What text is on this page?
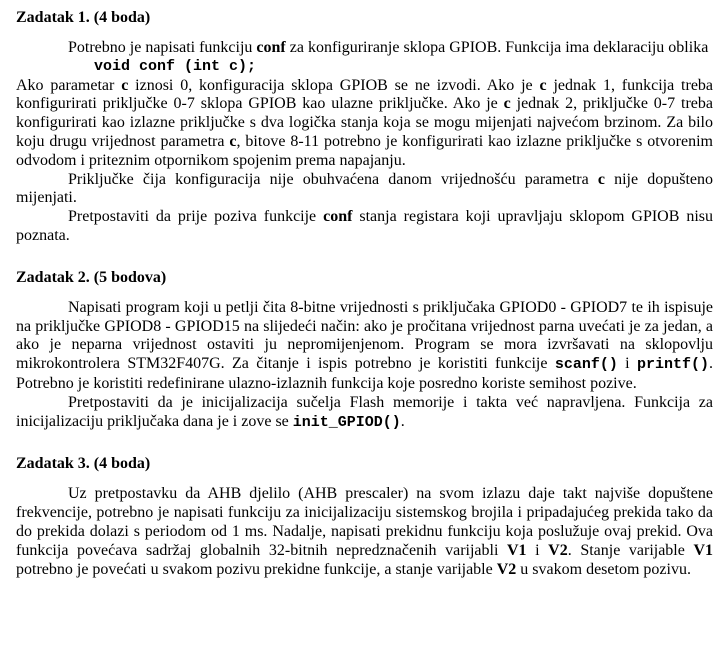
Zadatak 1. (4 boda)

Potrebno je napisati funkciju conf za konfiguriranje sklopa GPIOB. Funkcija ima deklaraciju oblika

void conf (int c);

Ako parametar c iznosi 0, konfiguracija sklopa GPIOB se ne izvodi. Ako je c jednak 1, funkcija treba konfigurirati priključke 0-7 sklopa GPIOB kao ulazne priključke. Ako je c jednak 2, priključke 0-7 treba konfigurirati kao izlazne priključke s dva logička stanja koja se mogu mijenjati najvećom brzinom. Za bilo koju drugu vrijednost parametra c, bitove 8-11 potrebno je konfigurirati kao izlazne priključke s otvorenim odvodom i priteznim otpornikom spojenim prema napajanju.

Priključke čija konfiguracija nije obuhvaćena danom vrijednošću parametra c nije dopušteno mijenjati.

Pretpostaviti da prije poziva funkcije conf stanja registara koji upravljaju sklopom GPIOB nisu poznata.

Zadatak 2. (5 bodova)

Napisati program koji u petlji čita 8-bitne vrijednosti s priključaka GPIOD0 - GPIOD7 te ih ispisuje na priključke GPIOD8 - GPIOD15 na slijedeći način: ako je pročitana vrijednost parna uvećati je za jedan, a ako je neparna vrijednost ostaviti ju nepromijenjenom. Program se mora izvršavati na sklopovlju mikrokontrolera STM32F407G. Za čitanje i ispis potrebno je koristiti funkcije scanf() i printf(). Potrebno je koristiti redefinirane ulazno-izlaznih funkcija koje posredno koriste semihost pozive.

Pretpostaviti da je inicijalizacija sučelja Flash memorije i takta već napravljena. Funkcija za inicijalizaciju priključaka dana je i zove se init_GPIOD().

Zadatak 3. (4 boda)

Uz pretpostavku da AHB djelilo (AHB prescaler) na svom izlazu daje takt najviše dopuštene frekvencije, potrebno je napisati funkciju za inicijalizaciju sistemskog brojila i pripadajućeg prekida tako da do prekida dolazi s periodom od 1 ms. Nadalje, napisati prekidnu funkciju koja poslužuje ovaj prekid. Ova funkcija povećava sadržaj globalnih 32-bitnih nepredznačenih varijabli V1 i V2. Stanje varijable V1 potrebno je povećati u svakom pozivu prekidne funkcije, a stanje varijable V2 u svakom desetom pozivu.
